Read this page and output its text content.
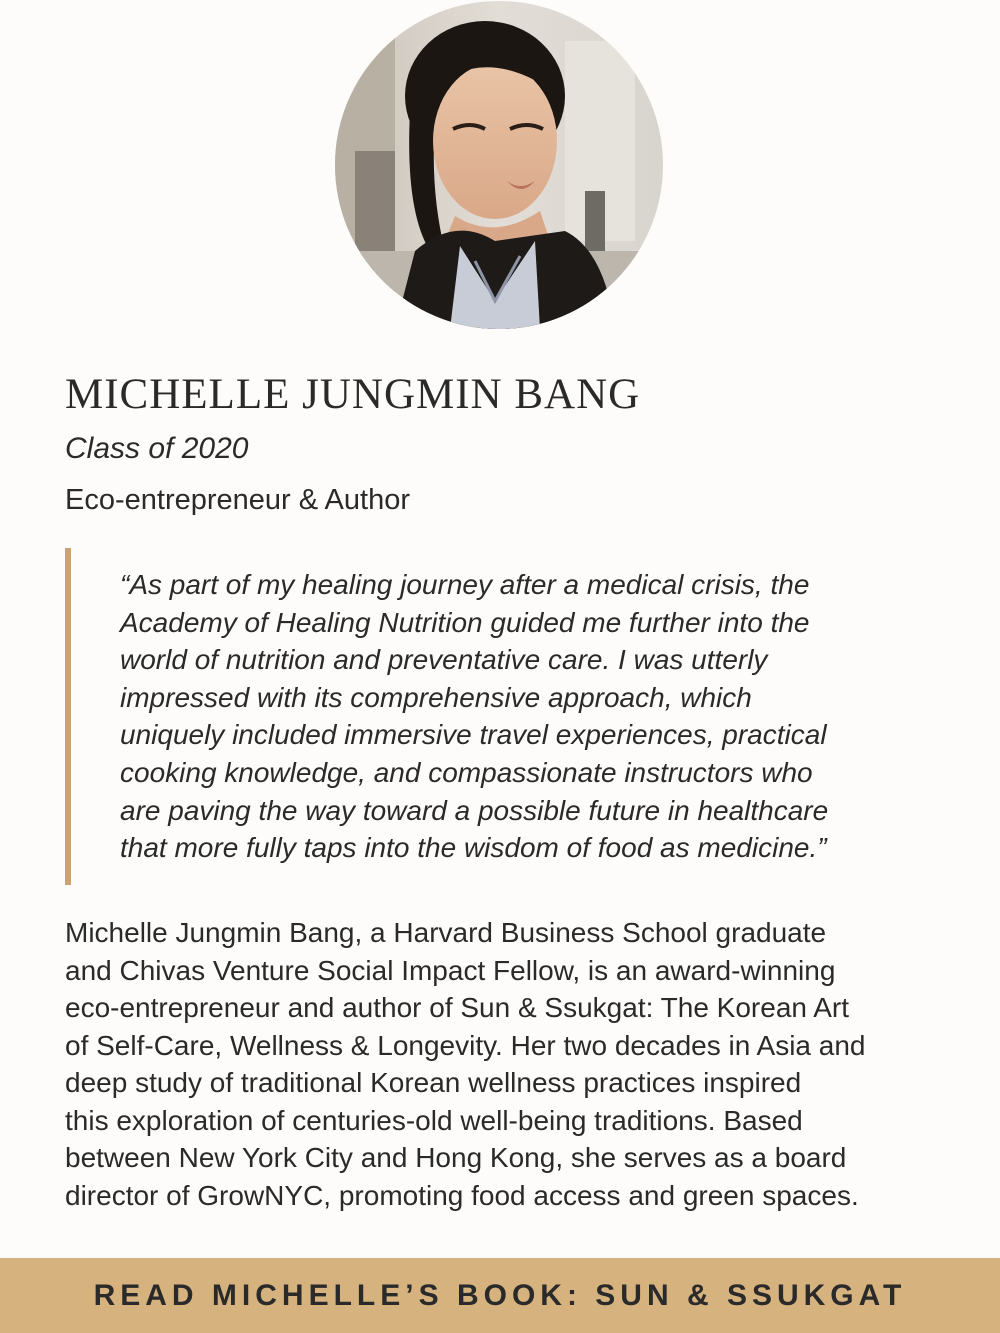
MICHELLE JUNGMIN BANG
Class of 2020
Eco-entrepreneur & Author
“As part of my healing journey after a medical crisis, the
Academy of Healing Nutrition guided me further into the
world of nutrition and preventative care. I was utterly
impressed with its comprehensive approach, which
uniquely included immersive travel experiences, practical
cooking knowledge, and compassionate instructors who
are paving the way toward a possible future in healthcare
that more fully taps into the wisdom of food as medicine.”

Michelle Jungmin Bang, a Harvard Business School graduate
and Chivas Venture Social Impact Fellow, is an award-winning
eco-entrepreneur and author of Sun & Ssukgat: The Korean Art
of Self-Care, Wellness & Longevity. Her two decades in Asia and
deep study of traditional Korean wellness practices inspired
this exploration of centuries-old well-being traditions. Based
between New York City and Hong Kong, she serves as a board
director of GrowNYC, promoting food access and green spaces.

READ MICHELLE’S BOOK: SUN & SSUKGAT
